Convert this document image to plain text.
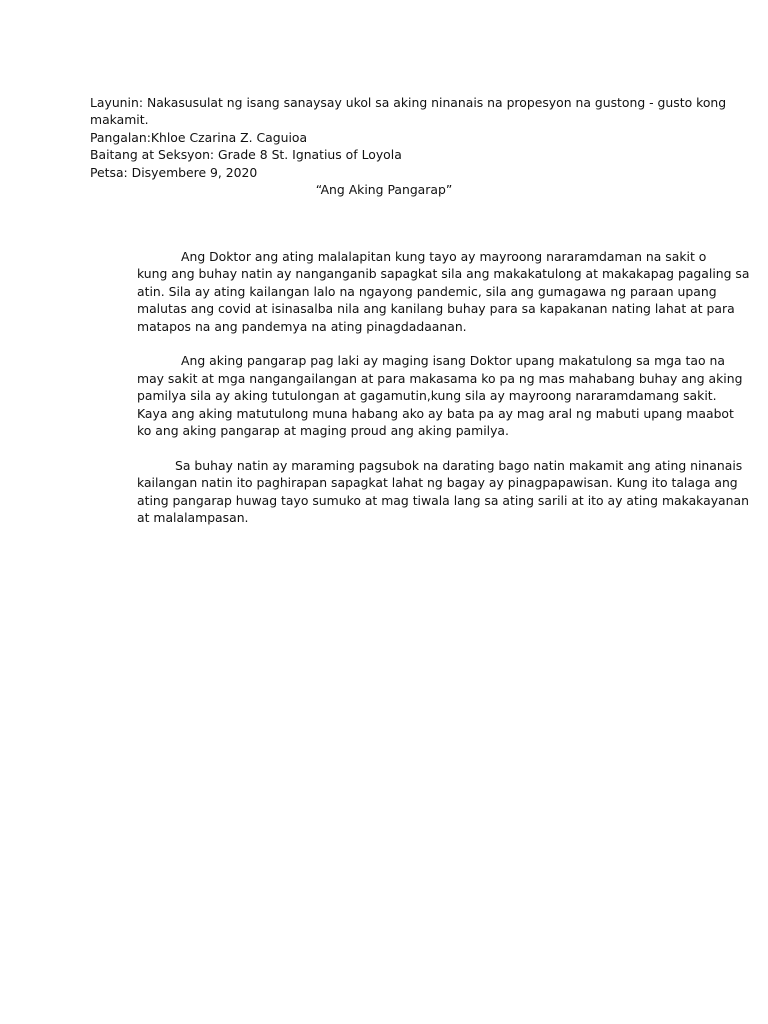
Layunin: Nakasusulat ng isang sanaysay ukol sa aking ninanais na propesyon na gustong - gusto kong
makamit.
Pangalan:Khloe Czarina Z. Caguioa
Baitang at Seksyon: Grade 8 St. Ignatius of Loyola
Petsa: Disyembere 9, 2020
“Ang Aking Pangarap”
Ang Doktor ang ating malalapitan kung tayo ay mayroong nararamdaman na sakit o
kung ang buhay natin ay nanganganib sapagkat sila ang makakatulong at makakapag pagaling sa
atin. Sila ay ating kailangan lalo na ngayong pandemic, sila ang gumagawa ng paraan upang
malutas ang covid at isinasalba nila ang kanilang buhay para sa kapakanan nating lahat at para
matapos na ang pandemya na ating pinagdadaanan.
Ang aking pangarap pag laki ay maging isang Doktor upang makatulong sa mga tao na
may sakit at mga nangangailangan at para makasama ko pa ng mas mahabang buhay ang aking
pamilya sila ay aking tutulongan at gagamutin,kung sila ay mayroong nararamdamang sakit.
Kaya ang aking matutulong muna habang ako ay bata pa ay mag aral ng mabuti upang maabot
ko ang aking pangarap at maging proud ang aking pamilya.
Sa buhay natin ay maraming pagsubok na darating bago natin makamit ang ating ninanais
kailangan natin ito paghirapan sapagkat lahat ng bagay ay pinagpapawisan. Kung ito talaga ang
ating pangarap huwag tayo sumuko at mag tiwala lang sa ating sarili at ito ay ating makakayanan
at malalampasan.
